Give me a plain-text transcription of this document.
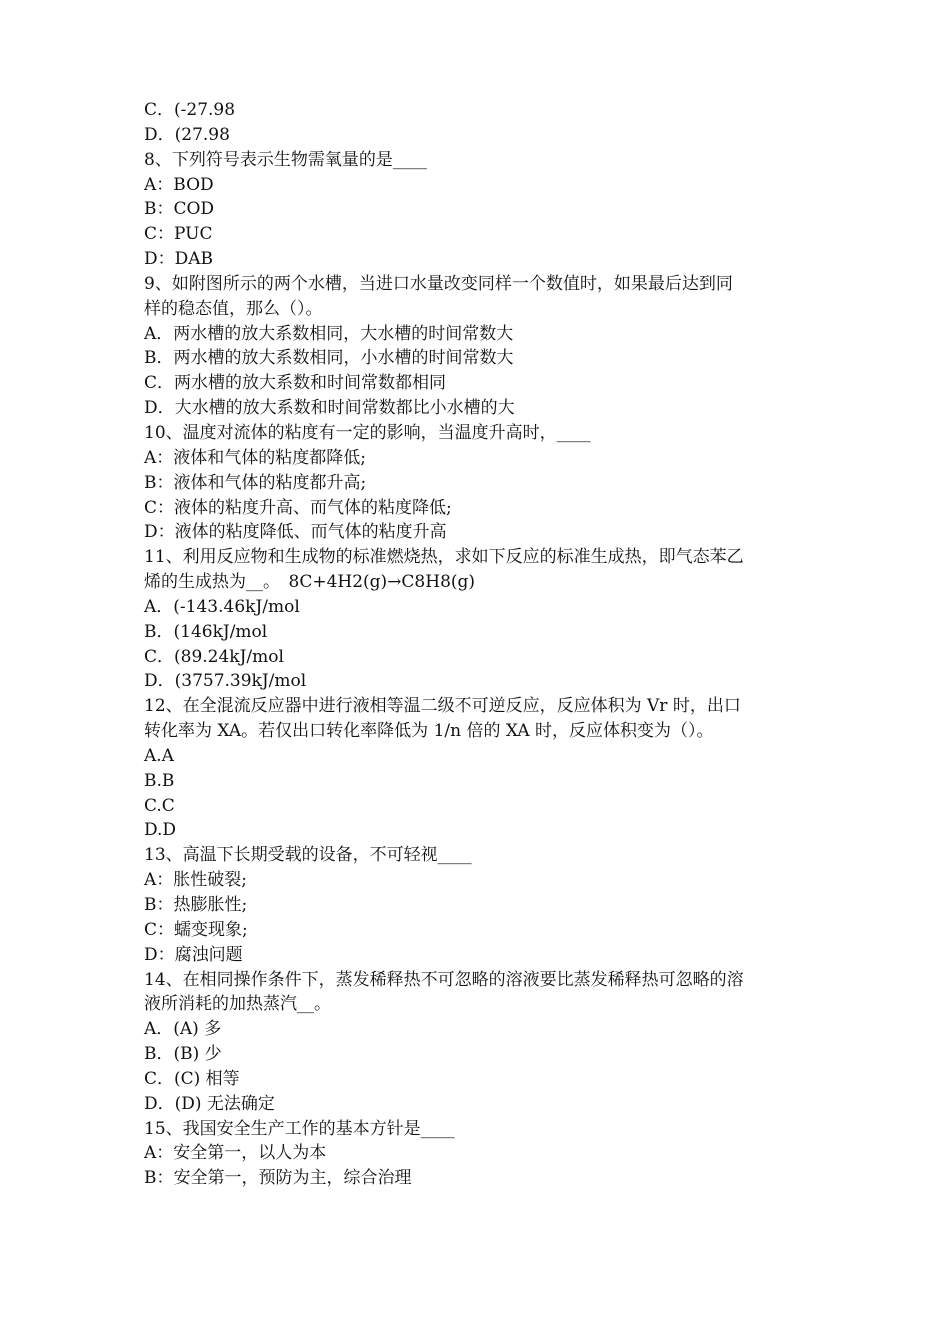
C．(-27.98
D．(27.98
8、下列符号表示生物需氧量的是____
A：BOD
B：COD
C：PUC
D：DAB
9、如附图所示的两个水槽，当进口水量改变同样一个数值时，如果最后达到同
样的稳态值，那么（）。
A．两水槽的放大系数相同，大水槽的时间常数大
B．两水槽的放大系数相同，小水槽的时间常数大
C．两水槽的放大系数和时间常数都相同
D．大水槽的放大系数和时间常数都比小水槽的大
10、温度对流体的粘度有一定的影响，当温度升高时，____
A：液体和气体的粘度都降低;
B：液体和气体的粘度都升高;
C：液体的粘度升高、而气体的粘度降低;
D：液体的粘度降低、而气体的粘度升高
11、利用反应物和生成物的标准燃烧热，求如下反应的标准生成热，即气态苯乙
烯的生成热为__。　8C+4H2(g)→C8H8(g)
A．(-143.46kJ/mol
B．(146kJ/mol
C．(89.24kJ/mol
D．(3757.39kJ/mol
12、在全混流反应器中进行液相等温二级不可逆反应，反应体积为 Vr 时，出口
转化率为 XA。若仅出口转化率降低为 1/n 倍的 XA 时，反应体积变为（）。
A.A
B.B
C.C
D.D
13、高温下长期受载的设备，不可轻视____
A：胀性破裂;
B：热膨胀性;
C：蠕变现象;
D：腐浊问题
14、在相同操作条件下，蒸发稀释热不可忽略的溶液要比蒸发稀释热可忽略的溶
液所消耗的加热蒸汽__。
A．(A) 多
B．(B) 少
C．(C) 相等
D．(D) 无法确定
15、我国安全生产工作的基本方针是____
A：安全第一，以人为本
B：安全第一，预防为主，综合治理
